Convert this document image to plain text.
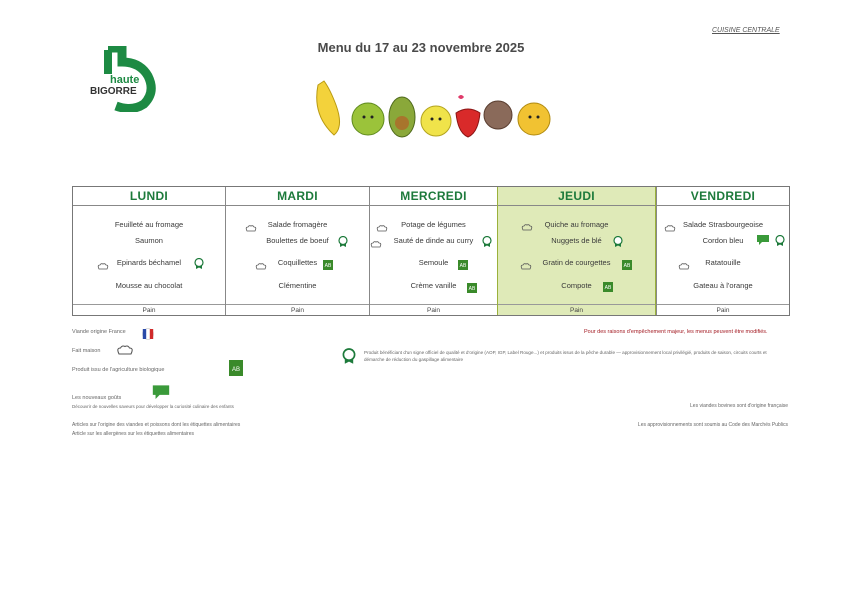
CUISINE CENTRALE
Menu du 17 au 23 novembre 2025
haute
BIGORRE
LUNDI
Feuilleté au fromage
Saumon
Epinards béchamel
Mousse au chocolat
Pain
MARDI
Salade fromagère
Boulettes de boeuf
Coquillettes
Clémentine
AB
Pain
MERCREDI
Potage de légumes
Sauté de dinde au curry
Semoule
Crème vanille
AB
AB
Pain
JEUDI
Quiche au fromage
Nuggets de blé
Gratin de courgettes
Compote
AB
AB
Pain
VENDREDI
Salade Strasbourgeoise
Cordon bleu
Ratatouille
Gateau à l'orange
Pain
Viande origine France
Fait maison
Produit issu de l'agriculture biologique	AB
Les nouveaux goûts
Découvrir de nouvelles saveurs pour développer la curiosité culinaire des enfants
Articles sur l'origine des viandes et poissons dont les étiquettes alimentaires
Article sur les allergènes sur les étiquettes alimentaires
Produit bénéficiant d'un signe officiel de qualité et d'origine (AOP, IGP, Label Rouge...) et produits issus de la pêche durable — approvisionnement local privilégié, produits de saison, circuits courts et démarche de réduction du gaspillage alimentaire
Pour des raisons d'empêchement majeur, les menus peuvent être modifiés.
Les viandes bovines sont d'origine française
Les approvisionnements sont soumis au Code des Marchés Publics
